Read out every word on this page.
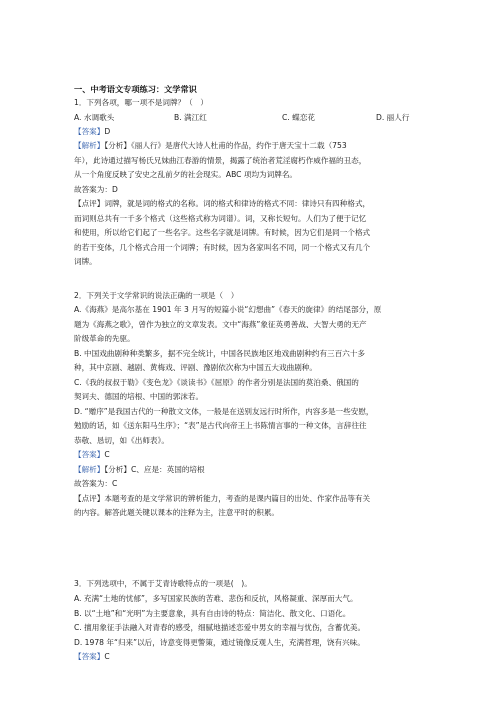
一、中考语文专项练习：文学常识
1．下列各项，哪一项不是词牌？（　）
A. 水调歌头	B. 满江红	C. 蝶恋花	D. 丽人行
【答案】D
【解析】【分析】《丽人行》是唐代大诗人杜甫的作品，约作于唐天宝十二载（753
年），此诗通过描写杨氏兄妹曲江春游的情景，揭露了统治者荒淫腐朽作威作福的丑态，
从一个角度反映了安史之乱前夕的社会现实。ABC 项均为词牌名。
故答案为：D
【点评】词牌，就是词的格式的名称。词的格式和律诗的格式不同：律诗只有四种格式，
而词则总共有一千多个格式（这些格式称为词谱）。词，又称长短句。人们为了便于记忆
和使用，所以给它们起了一些名字。这些名字就是词牌。有时候，因为它们是同一个格式
的若干变体，几个格式合用一个词牌；有时候，因为各家叫名不同，同一个格式又有几个
词牌。
2．下列关于文学常识的说法正确的一项是（　）
A.《海燕》是高尔基在 1901 年 3 月写的短篇小说“幻想曲”《春天的旋律》的结尾部分，原
题为《海燕之歌》，曾作为独立的文章发表。文中“海燕”象征英勇善战、大智大勇的无产
阶级革命的先驱。
B. 中国戏曲剧种种类繁多，据不完全统计，中国各民族地区地戏曲剧种约有三百六十多
种，其中京剧、越剧、黄梅戏、评剧、豫剧依次称为中国五大戏曲剧种。
C.《我的叔叔于勒》《变色龙》《谈读书》《屈原》的作者分别是法国的莫泊桑、俄国的
契诃夫、德国的培根、中国的郭沫若。
D. “赠序”是我国古代的一种散文文体，一般是在送别友远行时所作，内容多是一些安慰，
勉励的话，如《送东阳马生序》；“表”是古代向帝王上书陈情言事的一种文体，言辞往往
恭敬、恳切，如《出师表》。
【答案】C
【解析】【分析】C、应是：英国的培根
故答案为：C
【点评】本题考查的是文学常识的辨析能力，考查的是课内篇目的出处、作家作品等有关
的内容。解答此题关键以课本的注释为主，注意平时的积累。
3．下列选项中，不属于艾青诗歌特点的一项是(　)。
A. 充满“土地的忧郁”，多写国家民族的苦难、悲伤和反抗，风格凝重、深厚而大气。
B. 以“土地”和“光明”为主要意象，具有自由诗的特点：简洁化、散文化、口语化。
C. 擅用象征手法融入对青春的感受，细腻地描述恋爱中男女的幸福与忧伤，含蓄优美。
D. 1978 年“归来”以后，诗意变得更警策，通过镜像反观人生，充满哲理，饶有兴味。
【答案】C
